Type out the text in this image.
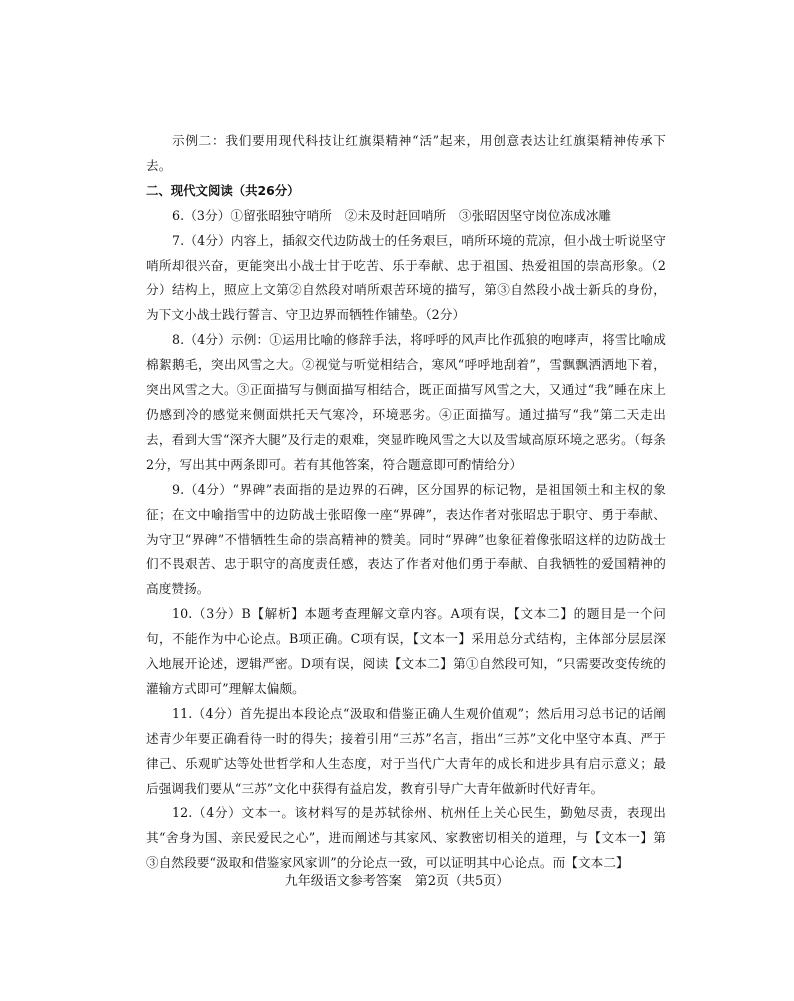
示例二：我们要用现代科技让红旗渠精神“活”起来，用创意表达让红旗渠精神传承下去。

二、现代文阅读（共26分）

6.（3分）①留张昭独守哨所　②未及时赶回哨所　③张昭因坚守岗位冻成冰雕

7.（4分）内容上，插叙交代边防战士的任务艰巨，哨所环境的荒凉，但小战士听说坚守哨所却很兴奋，更能突出小战士甘于吃苦、乐于奉献、忠于祖国、热爱祖国的崇高形象。（2分）结构上，照应上文第②自然段对哨所艰苦环境的描写，第③自然段小战士新兵的身份，为下文小战士践行誓言、守卫边界而牺牲作铺垫。（2分）

8.（4分）示例：①运用比喻的修辞手法，将呼呼的风声比作孤狼的咆哮声，将雪比喻成棉絮鹅毛，突出风雪之大。②视觉与听觉相结合，寒风“呼呼地刮着”，雪飘飘洒洒地下着，突出风雪之大。③正面描写与侧面描写相结合，既正面描写风雪之大，又通过“我”睡在床上仍感到冷的感觉来侧面烘托天气寒冷，环境恶劣。④正面描写。通过描写“我”第二天走出去，看到大雪“深齐大腿”及行走的艰难，突显昨晚风雪之大以及雪域高原环境之恶劣。（每条2分，写出其中两条即可。若有其他答案，符合题意即可酌情给分）

9.（4分）“界碑”表面指的是边界的石碑，区分国界的标记物，是祖国领土和主权的象征；在文中喻指雪中的边防战士张昭像一座“界碑”，表达作者对张昭忠于职守、勇于奉献、为守卫“界碑”不惜牺牲生命的崇高精神的赞美。同时“界碑”也象征着像张昭这样的边防战士们不畏艰苦、忠于职守的高度责任感，表达了作者对他们勇于奉献、自我牺牲的爱国精神的高度赞扬。

10.（3分）B【解析】本题考查理解文章内容。A项有误，【文本二】的题目是一个问句，不能作为中心论点。B项正确。C项有误，【文本一】采用总分式结构，主体部分层层深入地展开论述，逻辑严密。D项有误，阅读【文本二】第①自然段可知，“只需要改变传统的灌输方式即可”理解太偏颇。

11.（4分）首先提出本段论点“汲取和借鉴正确人生观价值观”；然后用习总书记的话阐述青少年要正确看待一时的得失；接着引用“三苏”名言，指出“三苏”文化中坚守本真、严于律己、乐观旷达等处世哲学和人生态度，对于当代广大青年的成长和进步具有启示意义；最后强调我们要从“三苏”文化中获得有益启发，教育引导广大青年做新时代好青年。

12.（4分）文本一。该材料写的是苏轼徐州、杭州任上关心民生，勤勉尽责，表现出其“舍身为国、亲民爱民之心”，进而阐述与其家风、家教密切相关的道理，与【文本一】第③自然段要“汲取和借鉴家风家训”的分论点一致，可以证明其中心论点。而【文本二】

九年级语文参考答案　第2页（共5页）
